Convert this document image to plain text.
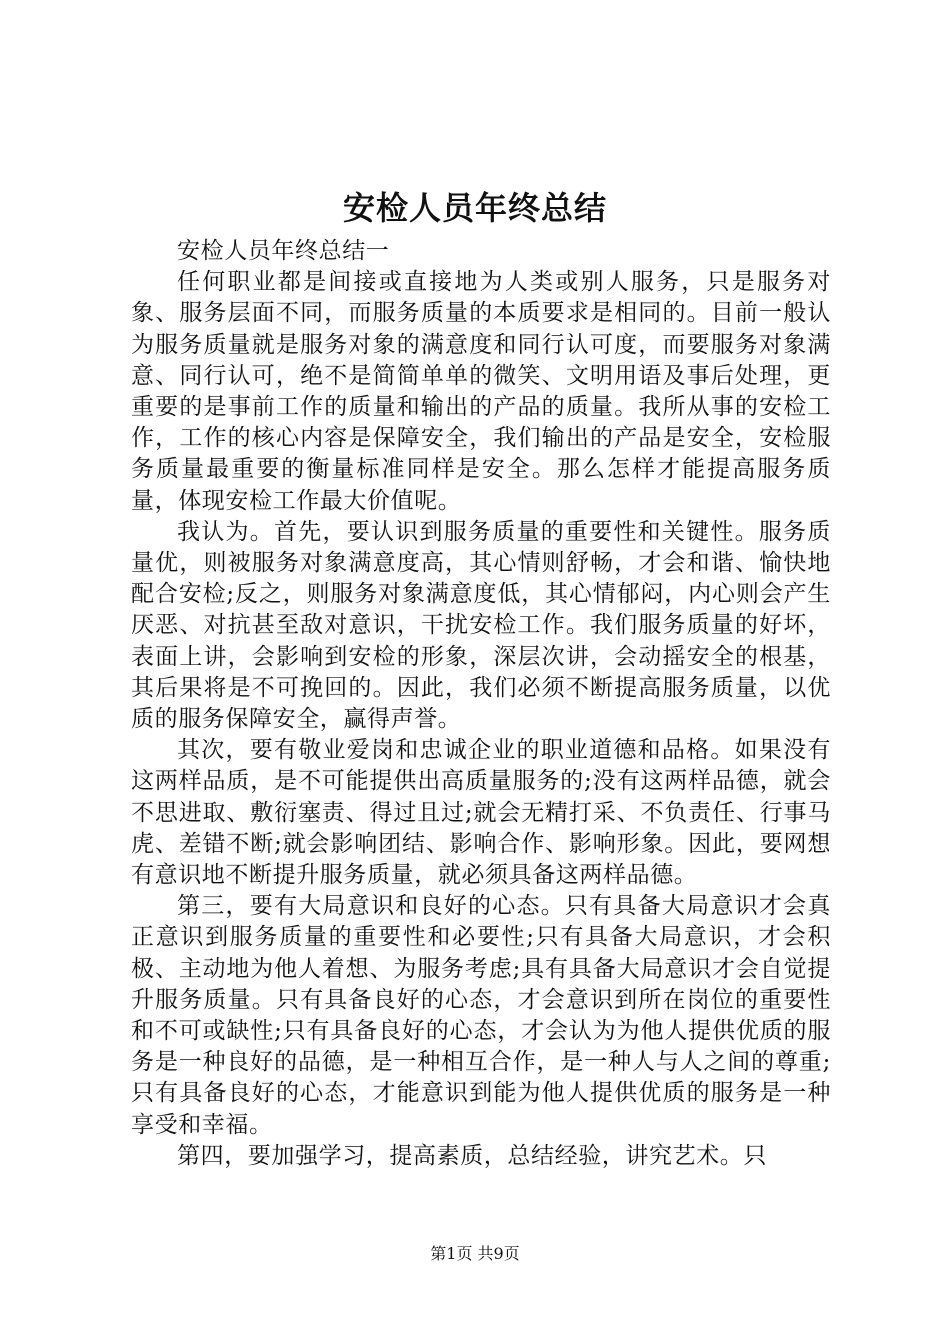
安检人员年终总结

安检人员年终总结一

任何职业都是间接或直接地为人类或别人服务，只是服务对象、服务层面不同，而服务质量的本质要求是相同的。目前一般认为服务质量就是服务对象的满意度和同行认可度，而要服务对象满意、同行认可，绝不是简简单单的微笑、文明用语及事后处理，更重要的是事前工作的质量和输出的产品的质量。我所从事的安检工作，工作的核心内容是保障安全，我们输出的产品是安全，安检服务质量最重要的衡量标准同样是安全。那么怎样才能提高服务质量，体现安检工作最大价值呢。

我认为。首先，要认识到服务质量的重要性和关键性。服务质量优，则被服务对象满意度高，其心情则舒畅，才会和谐、愉快地配合安检;反之，则服务对象满意度低，其心情郁闷，内心则会产生厌恶、对抗甚至敌对意识，干扰安检工作。我们服务质量的好坏，表面上讲，会影响到安检的形象，深层次讲，会动摇安全的根基，其后果将是不可挽回的。因此，我们必须不断提高服务质量，以优质的服务保障安全，赢得声誉。

其次，要有敬业爱岗和忠诚企业的职业道德和品格。如果没有这两样品质，是不可能提供出高质量服务的;没有这两样品德，就会不思进取、敷衍塞责、得过且过;就会无精打采、不负责任、行事马虎、差错不断;就会影响团结、影响合作、影响形象。因此，要网想有意识地不断提升服务质量，就必须具备这两样品德。

第三，要有大局意识和良好的心态。只有具备大局意识才会真正意识到服务质量的重要性和必要性;只有具备大局意识，才会积极、主动地为他人着想、为服务考虑;具有具备大局意识才会自觉提升服务质量。只有具备良好的心态，才会意识到所在岗位的重要性和不可或缺性;只有具备良好的心态，才会认为为他人提供优质的服务是一种良好的品德，是一种相互合作，是一种人与人之间的尊重;只有具备良好的心态，才能意识到能为他人提供优质的服务是一种享受和幸福。

第四，要加强学习，提高素质，总结经验，讲究艺术。只

第1页 共9页
